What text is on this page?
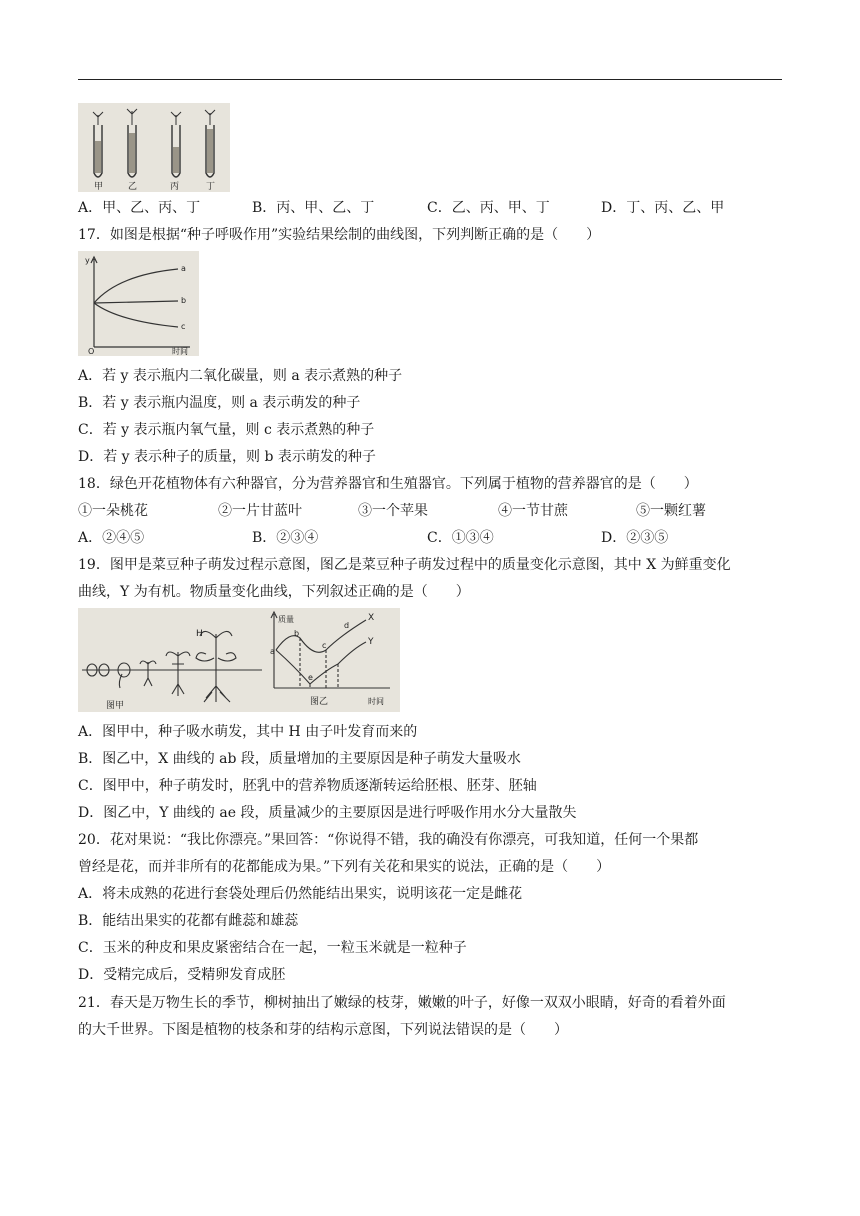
甲	乙	丙	丁
A．甲、乙、丙、丁	B．丙、甲、乙、丁	C．乙、丙、甲、丁	D．丁、丙、乙、甲
17．如图是根据“种子呼吸作用”实验结果绘制的曲线图，下列判断正确的是（　　）
y
a
b
c
O	时间
A．若 y 表示瓶内二氧化碳量，则 a 表示煮熟的种子
B．若 y 表示瓶内温度，则 a 表示萌发的种子
C．若 y 表示瓶内氧气量，则 c 表示煮熟的种子
D．若 y 表示种子的质量，则 b 表示萌发的种子
18．绿色开花植物体有六种器官，分为营养器官和生殖器官。下列属于植物的营养器官的是（　　）
①一朵桃花	②一片甘蓝叶	③一个苹果	④一节甘蔗	⑤一颗红薯
A．②④⑤	B．②③④	C．①③④	D．②③⑤
19．图甲是菜豆种子萌发过程示意图，图乙是菜豆种子萌发过程中的质量变化示意图，其中 X 为鲜重变化
曲线，Y 为有机。物质量变化曲线，下列叙述正确的是（　　）
H
图甲
质量	X
Y
a
b
c
d
e
图乙	时间
A．图甲中，种子吸水萌发，其中 H 由子叶发育而来的
B．图乙中，X 曲线的 ab 段，质量增加的主要原因是种子萌发大量吸水
C．图甲中，种子萌发时，胚乳中的营养物质逐渐转运给胚根、胚芽、胚轴
D．图乙中，Y 曲线的 ae 段，质量减少的主要原因是进行呼吸作用水分大量散失
20．花对果说：“我比你漂亮。”果回答：“你说得不错，我的确没有你漂亮，可我知道，任何一个果都
曾经是花，而并非所有的花都能成为果。”下列有关花和果实的说法，正确的是（　　）
A．将未成熟的花进行套袋处理后仍然能结出果实，说明该花一定是雌花
B．能结出果实的花都有雌蕊和雄蕊
C．玉米的种皮和果皮紧密结合在一起，一粒玉米就是一粒种子
D．受精完成后，受精卵发育成胚
21．春天是万物生长的季节，柳树抽出了嫩绿的枝芽，嫩嫩的叶子，好像一双双小眼睛，好奇的看着外面
的大千世界。下图是植物的枝条和芽的结构示意图，下列说法错误的是（　　）
